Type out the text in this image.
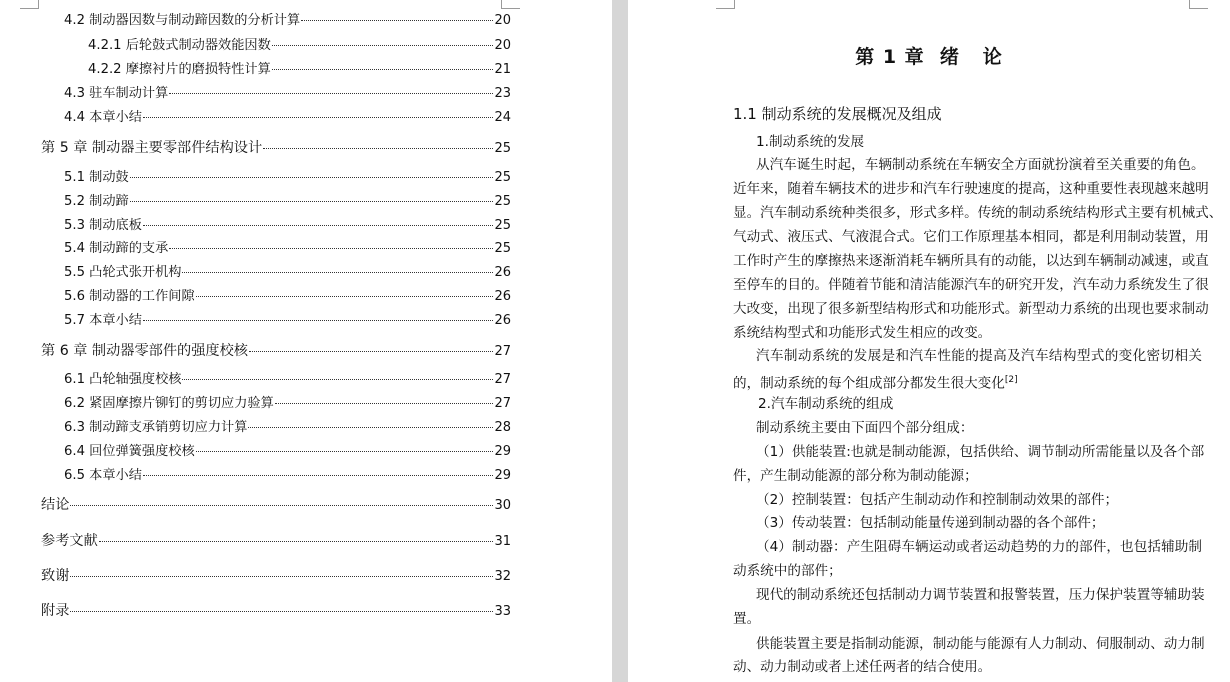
4.2 制动器因数与制动蹄因数的分析计算	20
4.2.1 后轮鼓式制动器效能因数	20
4.2.2 摩擦衬片的磨损特性计算	21
4.3 驻车制动计算	23
4.4 本章小结	24
第 5 章 制动器主要零部件结构设计	25
5.1 制动鼓	25
5.2 制动蹄	25
5.3 制动底板	25
5.4 制动蹄的支承	25
5.5 凸轮式张开机构	26
5.6 制动器的工作间隙	26
5.7 本章小结	26
第 6 章 制动器零部件的强度校核	27
6.1 凸轮轴强度校核	27
6.2 紧固摩擦片铆钉的剪切应力验算	27
6.3 制动蹄支承销剪切应力计算	28
6.4 回位弹簧强度校核	29
6.5 本章小结	29
结论	30
参考文献	31
致谢	32
附录	33
第 1 章  绪   论
1.1 制动系统的发展概况及组成
1.制动系统的发展
从汽车诞生时起，车辆制动系统在车辆安全方面就扮演着至关重要的角色。
近年来，随着车辆技术的进步和汽车行驶速度的提高，这种重要性表现越来越明
显。汽车制动系统种类很多，形式多样。传统的制动系统结构形式主要有机械式、
气动式、液压式、气液混合式。它们工作原理基本相同，都是利用制动装置，用
工作时产生的摩擦热来逐渐消耗车辆所具有的动能，以达到车辆制动减速，或直
至停车的目的。伴随着节能和清洁能源汽车的研究开发，汽车动力系统发生了很
大改变，出现了很多新型结构形式和功能形式。新型动力系统的出现也要求制动
系统结构型式和功能形式发生相应的改变。
汽车制动系统的发展是和汽车性能的提高及汽车结构型式的变化密切相关
的，制动系统的每个组成部分都发生很大变化[2]
2.汽车制动系统的组成
制动系统主要由下面四个部分组成：
（1）供能装置:也就是制动能源，包括供给、调节制动所需能量以及各个部
件，产生制动能源的部分称为制动能源；
（2）控制装置：包括产生制动动作和控制制动效果的部件；
（3）传动装置：包括制动能量传递到制动器的各个部件；
（4）制动器：产生阻碍车辆运动或者运动趋势的力的部件，也包括辅助制
动系统中的部件；
现代的制动系统还包括制动力调节装置和报警装置，压力保护装置等辅助装
置。
供能装置主要是指制动能源，制动能与能源有人力制动、伺服制动、动力制
动、动力制动或者上述任两者的结合使用。
